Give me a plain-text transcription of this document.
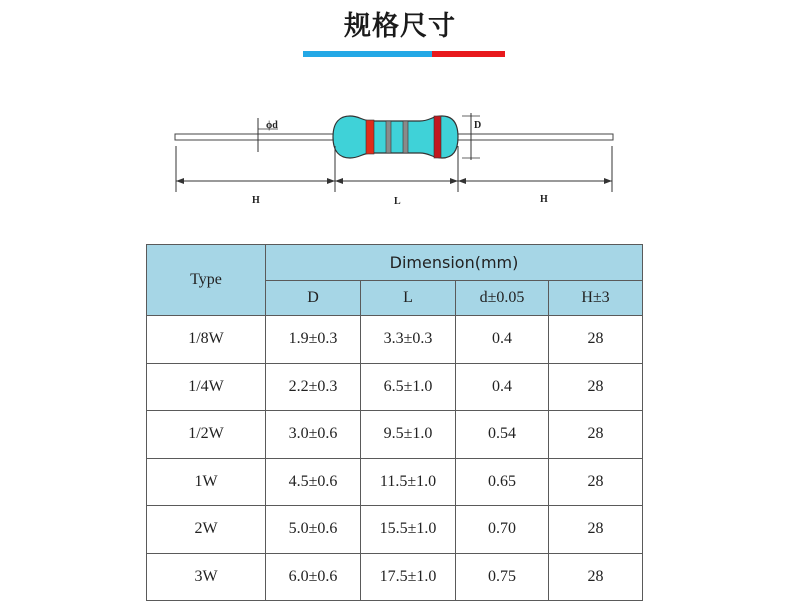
规格尺寸
ϕd	D
H	L	H
Type	Dimension(mm)			
	D	L	d±0.05	H±3
1/8W	1.9±0.3	3.3±0.3	0.4	28
1/4W	2.2±0.3	6.5±1.0	0.4	28
1/2W	3.0±0.6	9.5±1.0	0.54	28
1W	4.5±0.6	11.5±1.0	0.65	28
2W	5.0±0.6	15.5±1.0	0.70	28
3W	6.0±0.6	17.5±1.0	0.75	28
